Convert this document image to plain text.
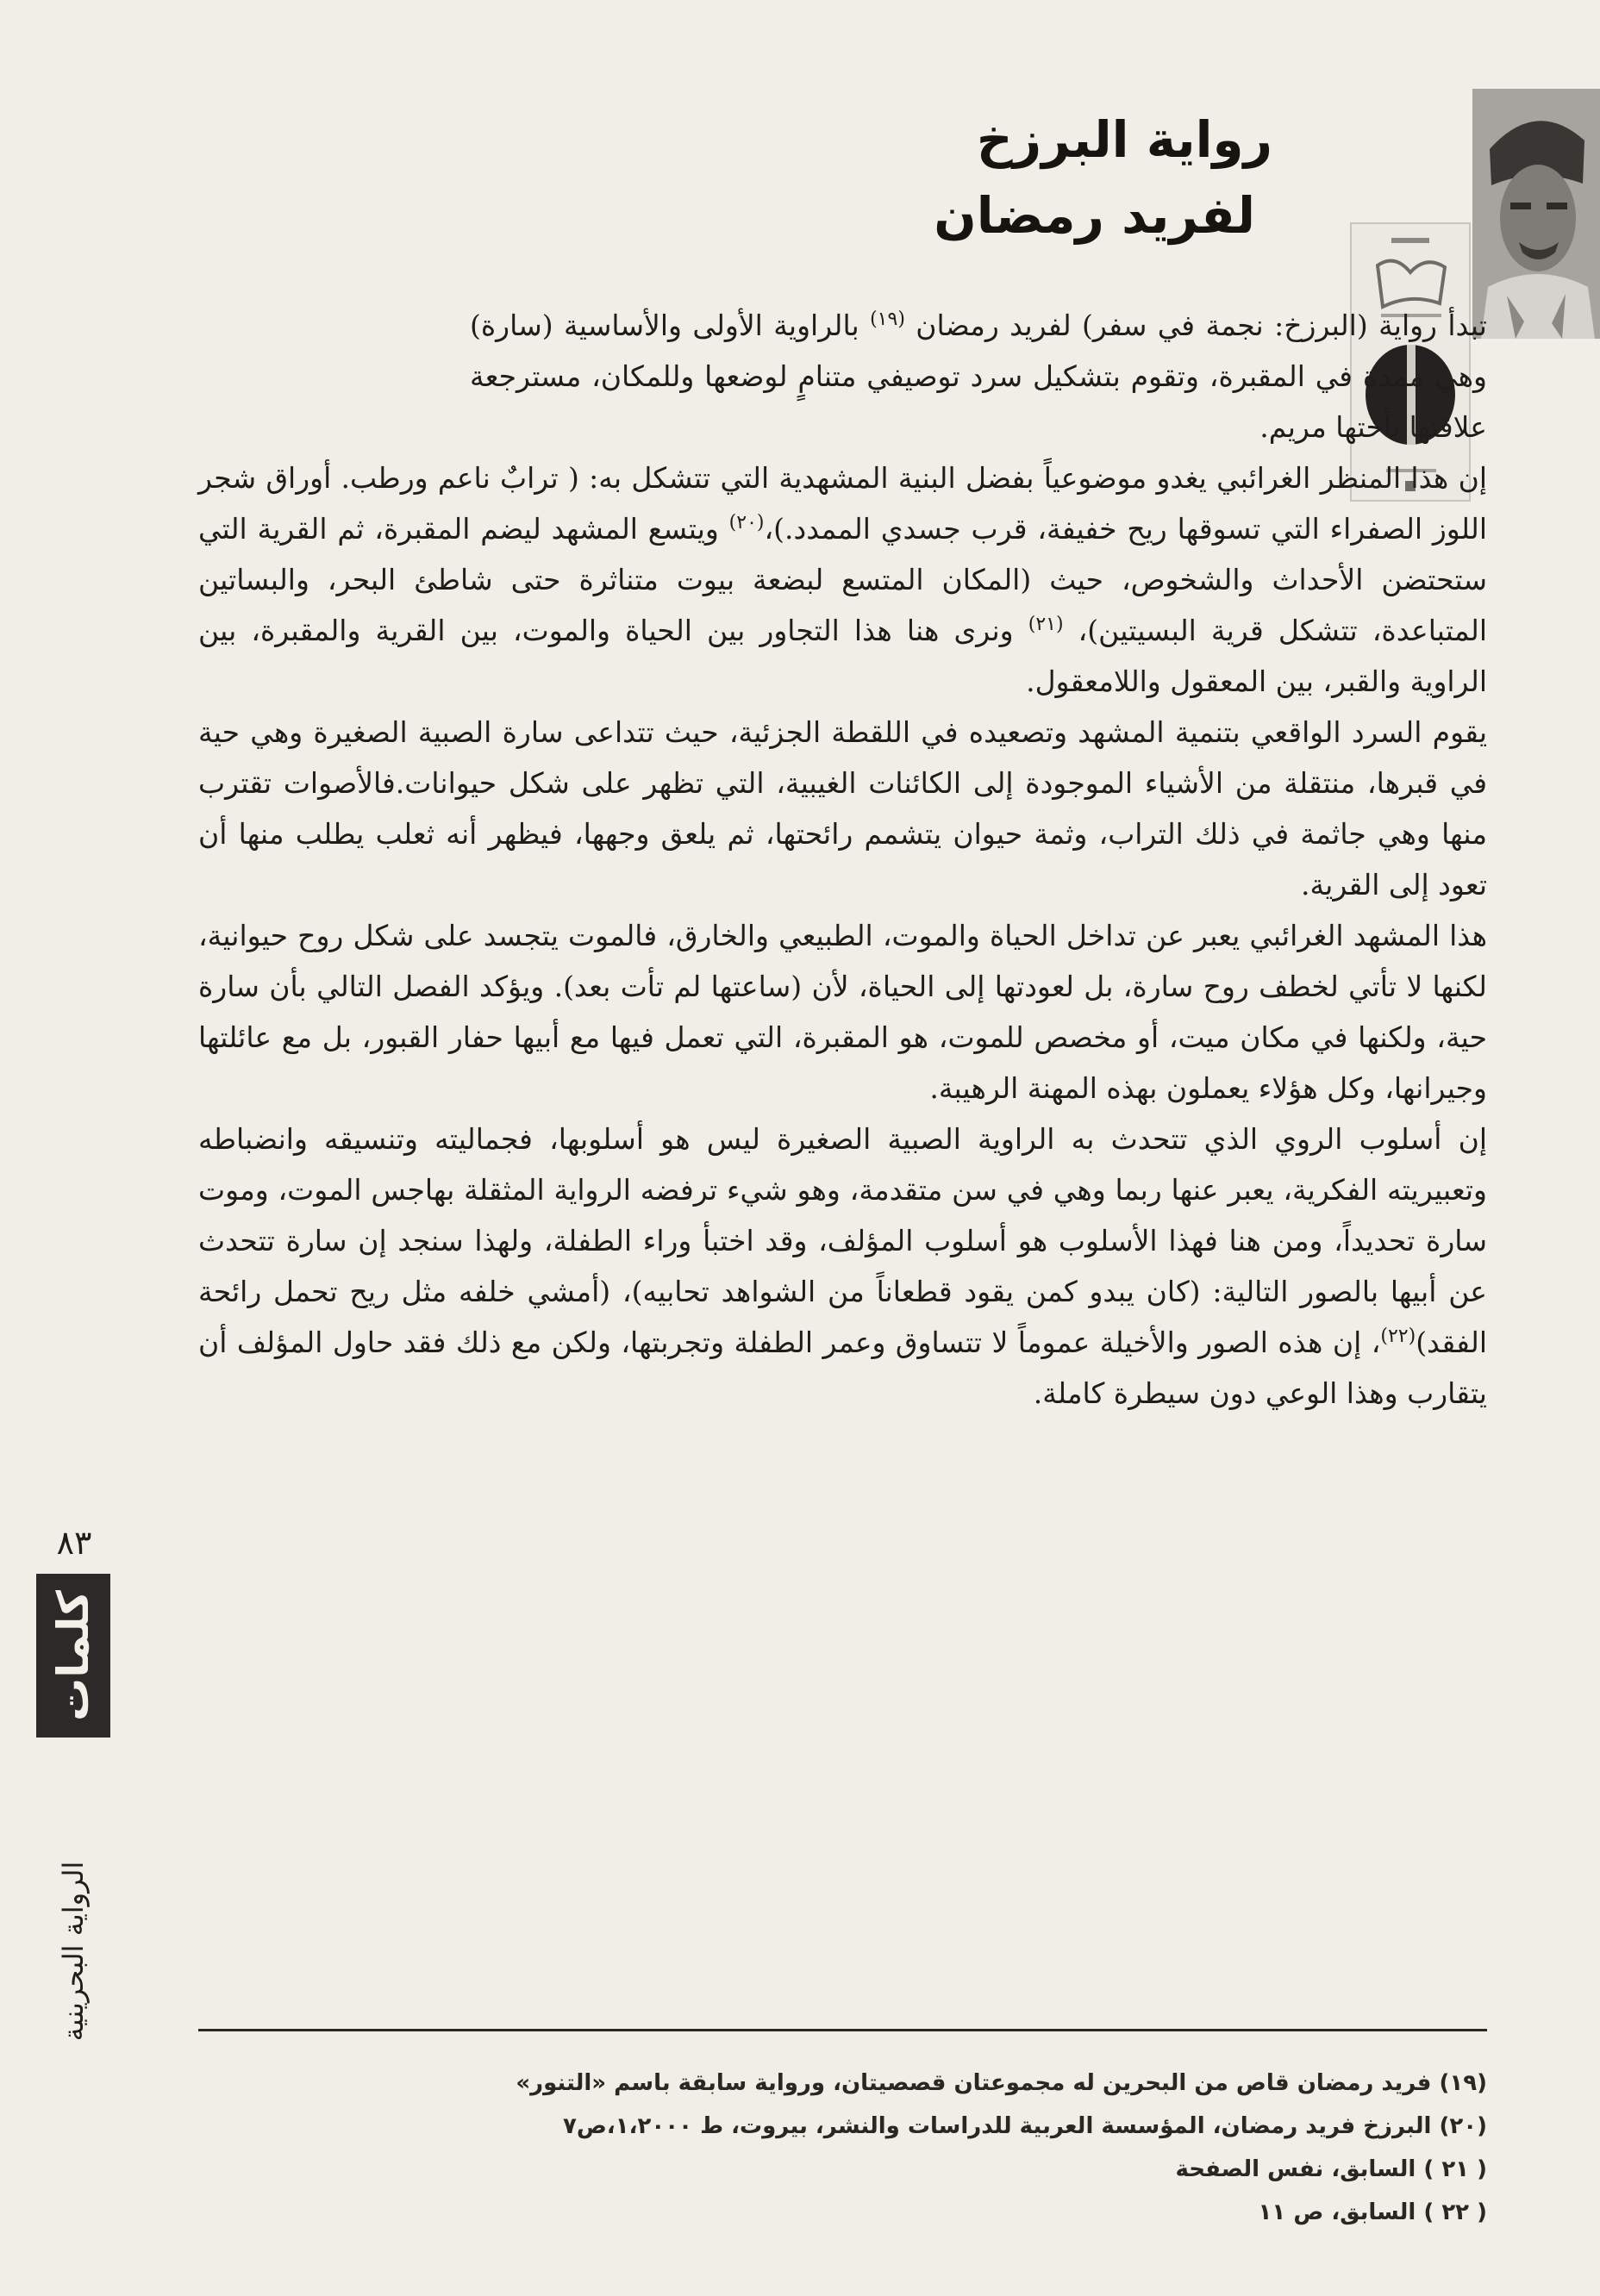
رواية البرزخ
لفريد رمضان

تبدأ رواية (البرزخ: نجمة في سفر) لفريد رمضان $^{(١٩)}$ بالراوية الأولى والأساسية (سارة) وهي ممدة في المقبرة، وتقوم بتشكيل سرد توصيفي متنامٍ لوضعها وللمكان، مسترجعة علاقتها بأختها مريم.

إن هذا المنظر الغرائبي يغدو موضوعياً بفضل البنية المشهدية التي تتشكل به: ( ترابٌ ناعم ورطب. أوراق شجر اللوز الصفراء التي تسوقها ريح خفيفة، قرب جسدي الممدد.)،$^{(٢٠)}$ ويتسع المشهد ليضم المقبرة، ثم القرية التي ستحتضن الأحداث والشخوص، حيث (المكان المتسع لبضعة بيوت متناثرة حتى شاطئ البحر، والبساتين المتباعدة، تتشكل قرية البسيتين)، $^{(٢١)}$ ونرى هنا هذا التجاور بين الحياة والموت، بين القرية والمقبرة، بين الراوية والقبر، بين المعقول واللامعقول.

يقوم السرد الواقعي بتنمية المشهد وتصعيده في اللقطة الجزئية، حيث تتداعى سارة الصبية الصغيرة وهي حية في قبرها، منتقلة من الأشياء الموجودة إلى الكائنات الغيبية، التي تظهر على شكل حيوانات.فالأصوات تقترب منها وهي جاثمة في ذلك التراب، وثمة حيوان يتشمم رائحتها، ثم يلعق وجهها، فيظهر أنه ثعلب يطلب منها أن تعود إلى القرية.

هذا المشهد الغرائبي يعبر عن تداخل الحياة والموت، الطبيعي والخارق، فالموت يتجسد على شكل روح حيوانية، لكنها لا تأتي لخطف روح سارة، بل لعودتها إلى الحياة، لأن (ساعتها لم تأت بعد). ويؤكد الفصل التالي بأن سارة حية، ولكنها في مكان ميت، أو مخصص للموت، هو المقبرة، التي تعمل فيها مع أبيها حفار القبور، بل مع عائلتها وجيرانها، وكل هؤلاء يعملون بهذه المهنة الرهيبة.

إن أسلوب الروي الذي تتحدث به الراوية الصبية الصغيرة ليس هو أسلوبها، فجماليته وتنسيقه وانضباطه وتعبيريته الفكرية، يعبر عنها ربما وهي في سن متقدمة، وهو شيء ترفضه الرواية المثقلة بهاجس الموت، وموت سارة تحديداً، ومن هنا فهذا الأسلوب هو أسلوب المؤلف، وقد اختبأ وراء الطفلة، ولهذا سنجد إن سارة تتحدث عن أبيها بالصور التالية: (كان يبدو كمن يقود قطعاناً من الشواهد تحابيه)، (أمشي خلفه مثل ريح تحمل رائحة الفقد)$^{(٢٢)}$، إن هذه الصور والأخيلة عموماً لا تتساوق وعمر الطفلة وتجربتها، ولكن مع ذلك فقد حاول المؤلف أن يتقارب وهذا الوعي دون سيطرة كاملة.

(١٩) فريد رمضان قاص من البحرين له مجموعتان قصصيتان، ورواية سابقة باسم «التنور»

(٢٠) البرزخ فريد رمضان، المؤسسة العربية للدراسات والنشر، بيروت، ط ١،٢٠٠٠،ص٧

( ٢١ ) السابق، نفس الصفحة

( ٢٢ ) السابق، ص ١١

٨٣
كلمات
الرواية البحرينية
